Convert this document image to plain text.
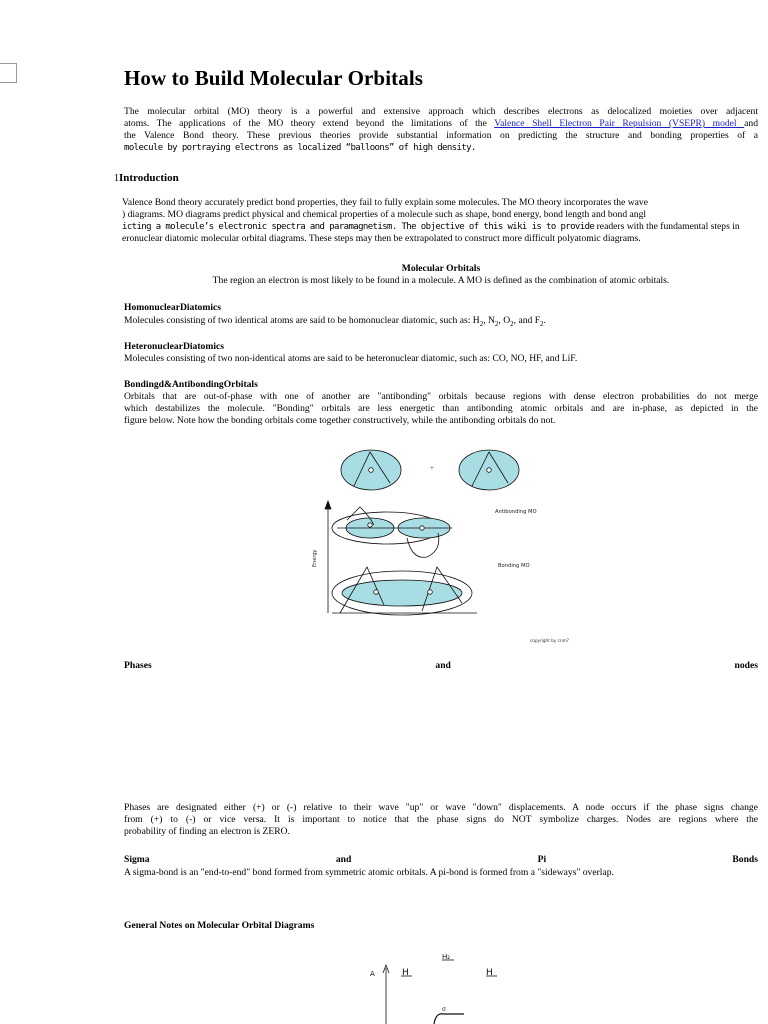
How to Build Molecular Orbitals

The molecular orbital (MO) theory is a powerful and extensive approach which describes electrons as delocalized moieties over adjacent
atoms. The applications of the MO theory extend beyond the limitations of the Valence Shell Electron Pair Repulsion (VSEPR) model and
the Valence Bond theory. These previous theories provide substantial information on predicting the structure and bonding properties of a
molecule by portraying electrons as localized “balloons” of high density.

1Introduction
Valence Bond theory accurately predict bond properties, they fail to fully explain some molecules. The MO theory incorporates the wave
) diagrams. MO diagrams predict physical and chemical properties of a molecule such as shape, bond energy, bond length and bond angl
icting a molecule’s electronic spectra and paramagnetism. The objective of this wiki is to provide readers with the fundamental steps in
eronuclear diatomic molecular orbital diagrams. These steps may then be extrapolated to construct more difficult polyatomic diagrams.
Molecular Orbitals
The region an electron is most likely to be found in a molecule. A MO is defined as the combination of atomic orbitals.
HomonuclearDiatomics
Molecules consisting of two identical atoms are said to be homonuclear diatomic, such as: $H_2$, $N_2$, $O_2$, and $F_2$.
HeteronuclearDiatomics
Molecules consisting of two non-identical atoms are said to be heteronuclear diatomic, such as: CO, NO, HF, and LiF.
Bondingd&AntibondingOrbitals

Orbitals that are out-of-phase with one of another are "antibonding" orbitals because regions with dense electron probabilities do not merge
which destabilizes the molecule. "Bonding" orbitals are less energetic than antibonding atomic orbitals and are in-phase, as depicted in the
figure below. Note how the bonding orbitals come together constructively, while the antibonding orbitals do not.

+
Antibonding MO
Bonding MO
Energy
copyright by cnm?
Phases	and	nodes

Phases are designated either (+) or (-) relative to their wave "up" or wave "down" displacements. A node occurs if the phase signs change
from (+) to (-) or vice versa. It is important to notice that the phase signs do NOT symbolize charges. Nodes are regions where the
probability of finding an electron is ZERO.

Sigma	and	Pi	Bonds
A sigma-bond is an "end-to-end" bond formed from symmetric atomic orbitals. A pi-bond is formed from a "sideways" overlap.
General Notes on Molecular Orbital Diagrams
A	H
H₂
H
σ
